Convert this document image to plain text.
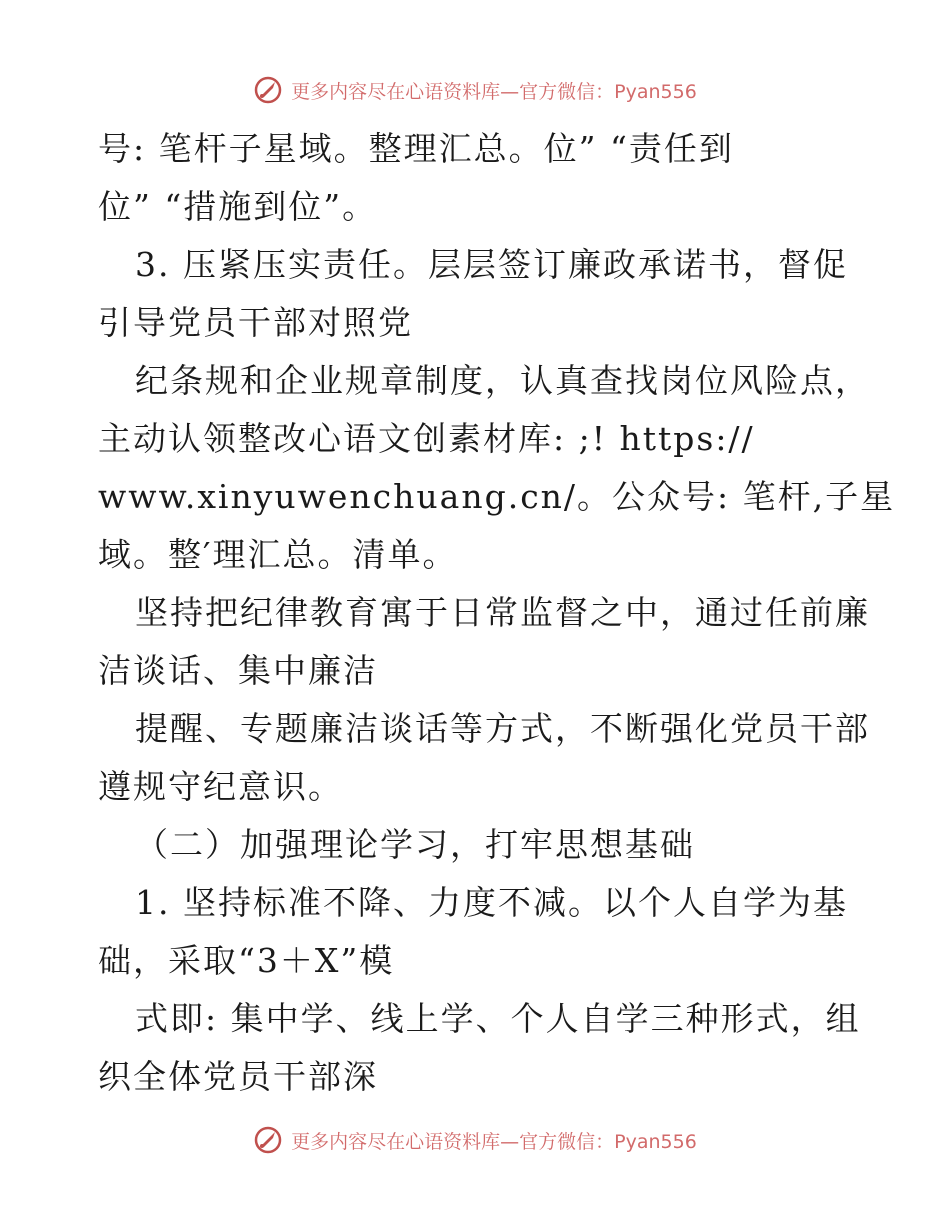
更多内容尽在心语资料库—官方微信：Pyan556
号: 笔杆子星域。整理汇总。位” “责任到
位” “措施到位”。
3. 压紧压实责任。层层签订廉政承诺书，督促
引导党员干部对照党
纪条规和企业规章制度，认真查找岗位风险点，
主动认领整改心语文创素材库: ;! https://
www.xinyuwenchuang.cn/。公众号: 笔杆,子星
域。整′理汇总。清单。
坚持把纪律教育寓于日常监督之中，通过任前廉
洁谈话、集中廉洁
提醒、专题廉洁谈话等方式，不断强化党员干部
遵规守纪意识。
（二）加强理论学习，打牢思想基础
1. 坚持标准不降、力度不减。以个人自学为基
础，采取“3＋X”模
式即: 集中学、线上学、个人自学三种形式，组
织全体党员干部深
更多内容尽在心语资料库—官方微信：Pyan556
